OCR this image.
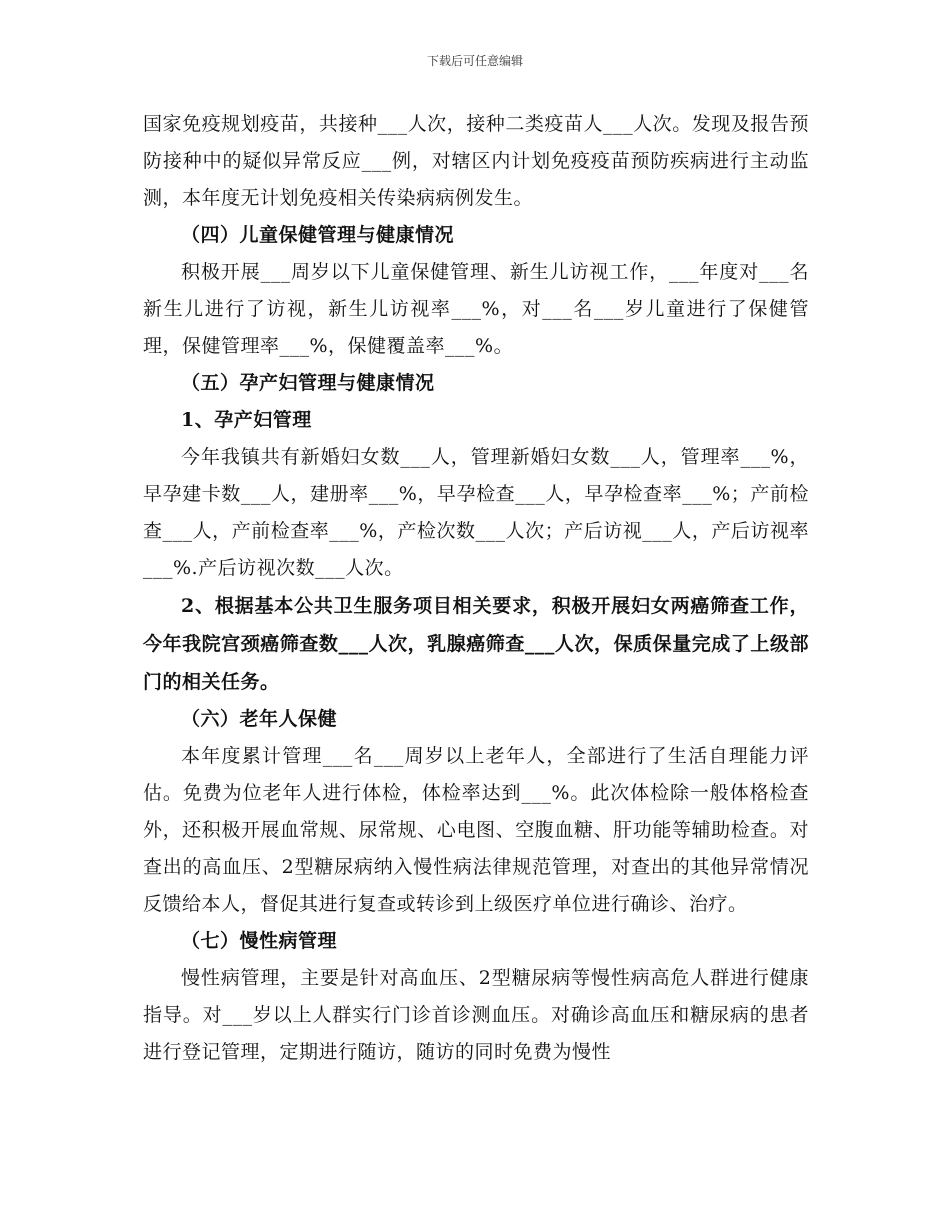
下载后可任意编辑

国家免疫规划疫苗，共接种___人次，接种二类疫苗人___人次。发现及报告预防接种中的疑似异常反应___例，对辖区内计划免疫疫苗预防疾病进行主动监测，本年度无计划免疫相关传染病病例发生。

（四）儿童保健管理与健康情况

积极开展___周岁以下儿童保健管理、新生儿访视工作，___年度对___名新生儿进行了访视，新生儿访视率___%，对___名___岁儿童进行了保健管理，保健管理率___%，保健覆盖率___%。

（五）孕产妇管理与健康情况

1、孕产妇管理

今年我镇共有新婚妇女数___人，管理新婚妇女数___人，管理率___%，早孕建卡数___人，建册率___%，早孕检查___人，早孕检查率___%；产前检查___人，产前检查率___%，产检次数___人次；产后访视___人，产后访视率___%.产后访视次数___人次。

2、根据基本公共卫生服务项目相关要求，积极开展妇女两癌筛查工作，今年我院宫颈癌筛查数___人次，乳腺癌筛查___人次，保质保量完成了上级部门的相关任务。

（六）老年人保健

本年度累计管理___名___周岁以上老年人，全部进行了生活自理能力评估。免费为位老年人进行体检，体检率达到___%。此次体检除一般体格检查外，还积极开展血常规、尿常规、心电图、空腹血糖、肝功能等辅助检查。对查出的高血压、2型糖尿病纳入慢性病法律规范管理，对查出的其他异常情况反馈给本人，督促其进行复查或转诊到上级医疗单位进行确诊、治疗。

（七）慢性病管理

慢性病管理，主要是针对高血压、2型糖尿病等慢性病高危人群进行健康指导。对___岁以上人群实行门诊首诊测血压。对确诊高血压和糖尿病的患者进行登记管理，定期进行随访，随访的同时免费为慢性
